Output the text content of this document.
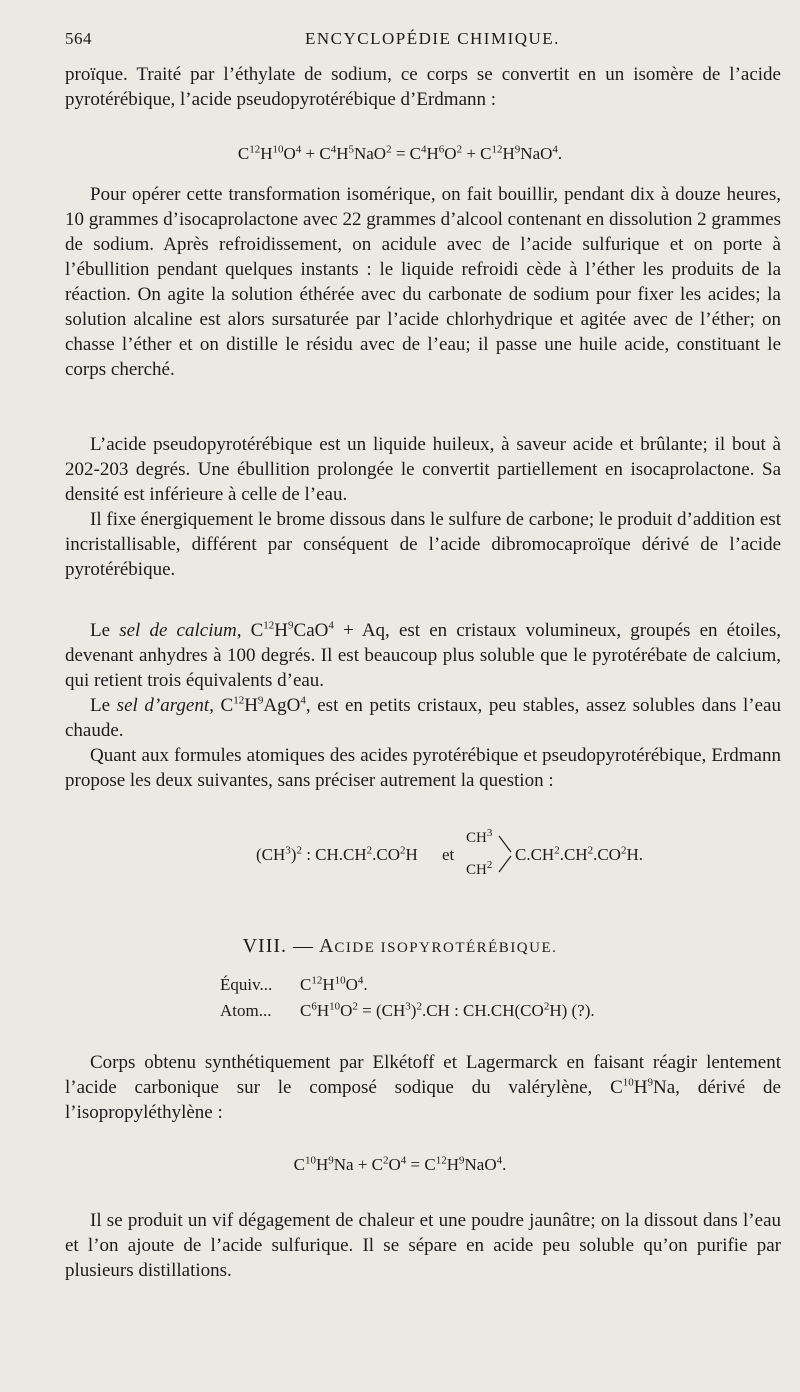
564	ENCYCLOPÉDIE CHIMIQUE.

proïque. Traité par l’éthylate de sodium, ce corps se convertit en un isomère de l’acide pyrotérébique, l’acide pseudopyrotérébique d’Erdmann :

$C^{12}H^{10}O^4 + C^4H^5NaO^2 = C^4H^6O^2 + C^{12}H^9NaO^4$.

Pour opérer cette transformation isomérique, on fait bouillir, pendant dix à douze heures, 10 grammes d’isocaprolactone avec 22 grammes d’alcool contenant en dissolution 2 grammes de sodium. Après refroidissement, on acidule avec de l’acide sulfurique et on porte à l’ébullition pendant quelques instants : le liquide refroidi cède à l’éther les produits de la réaction. On agite la solution éthérée avec du carbonate de sodium pour fixer les acides; la solution alcaline est alors sursaturée par l’acide chlorhydrique et agitée avec de l’éther; on chasse l’éther et on distille le résidu avec de l’eau; il passe une huile acide, constituant le corps cherché.

L’acide pseudopyrotérébique est un liquide huileux, à saveur acide et brûlante; il bout à 202-203 degrés. Une ébullition prolongée le convertit partiellement en isocaprolactone. Sa densité est inférieure à celle de l’eau.

Il fixe énergiquement le brome dissous dans le sulfure de carbone; le produit d’addition est incristallisable, différent par conséquent de l’acide dibromocaproïque dérivé de l’acide pyrotérébique.

Le sel de calcium, $C^{12}H^9CaO^4 + Aq$, est en cristaux volumineux, groupés en étoiles, devenant anhydres à 100 degrés. Il est beaucoup plus soluble que le pyrotérébate de calcium, qui retient trois équivalents d’eau.

Le sel d’argent, $C^{12}H^9AgO^4$, est en petits cristaux, peu stables, assez solubles dans l’eau chaude.

Quant aux formules atomiques des acides pyrotérébique et pseudopyrotérébique, Erdmann propose les deux suivantes, sans préciser autrement la question :

$(CH^3)^2$ : $CH.CH^2.CO^2H$ et
$CH^3$
$CH^2$
$C.CH^2.CH^2.CO^2H$.
VIII. — ACIDE ISOPYROTÉRÉBIQUE.
Équiv... $C^{12}H^{10}O^4$.
Atom... $C^6H^{10}O^2 = (CH^3)^2.CH$ : $CH.CH(CO^2H)$ (?).

Corps obtenu synthétiquement par Elkétoff et Lagermarck en faisant réagir lentement l’acide carbonique sur le composé sodique du valérylène, $C^{10}H^9Na$, dérivé de l’isopropyléthylène :

$C^{10}H^9Na + C^2O^4 = C^{12}H^9NaO^4$.

Il se produit un vif dégagement de chaleur et une poudre jaunâtre; on la dissout dans l’eau et l’on ajoute de l’acide sulfurique. Il se sépare en acide peu soluble qu’on purifie par plusieurs distillations.
